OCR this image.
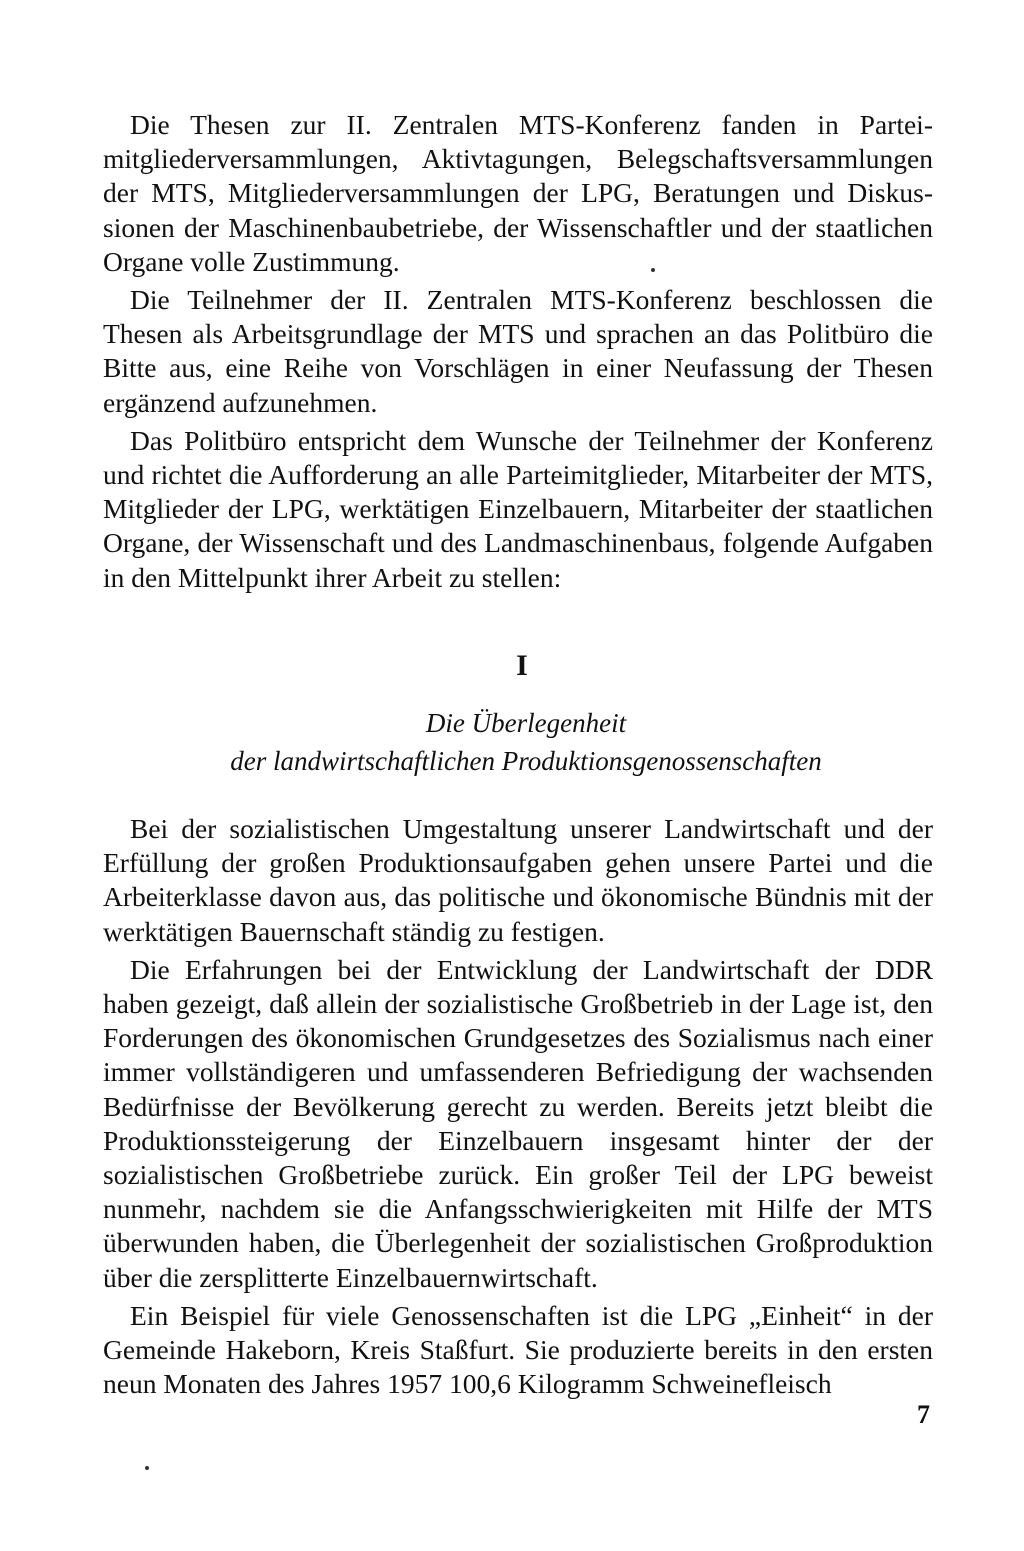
Die Thesen zur II. Zentralen MTS-Konferenz fanden in Parteimitgliederversammlungen, Aktivtagungen, Belegschaftsversammlungen der MTS, Mitgliederversammlungen der LPG, Beratungen und Diskussionen der Maschinenbaubetriebe, der Wissenschaftler und der staatlichen Organe volle Zustimmung.

Die Teilnehmer der II. Zentralen MTS-Konferenz beschlossen die Thesen als Arbeitsgrundlage der MTS und sprachen an das Politbüro die Bitte aus, eine Reihe von Vorschlägen in einer Neufassung der Thesen ergänzend aufzunehmen.

Das Politbüro entspricht dem Wunsche der Teilnehmer der Konferenz und richtet die Aufforderung an alle Parteimitglieder, Mitarbeiter der MTS, Mitglieder der LPG, werktätigen Einzelbauern, Mitarbeiter der staatlichen Organe, der Wissenschaft und des Landmaschinenbaus, folgende Aufgaben in den Mittelpunkt ihrer Arbeit zu stellen:

I
Die Überlegenheit
der landwirtschaftlichen Produktionsgenossenschaften

Bei der sozialistischen Umgestaltung unserer Landwirtschaft und der Erfüllung der großen Produktionsaufgaben gehen unsere Partei und die Arbeiterklasse davon aus, das politische und ökonomische Bündnis mit der werktätigen Bauernschaft ständig zu festigen.

Die Erfahrungen bei der Entwicklung der Landwirtschaft der DDR haben gezeigt, daß allein der sozialistische Großbetrieb in der Lage ist, den Forderungen des ökonomischen Grundgesetzes des Sozialismus nach einer immer vollständigeren und umfassenderen Befriedigung der wachsenden Bedürfnisse der Bevölkerung gerecht zu werden. Bereits jetzt bleibt die Produktionssteigerung der Einzelbauern insgesamt hinter der der sozialistischen Großbetriebe zurück. Ein großer Teil der LPG beweist nunmehr, nachdem sie die Anfangsschwierigkeiten mit Hilfe der MTS überwunden haben, die Überlegenheit der sozialistischen Großproduktion über die zersplitterte Einzelbauernwirtschaft.

Ein Beispiel für viele Genossenschaften ist die LPG „Einheit“ in der Gemeinde Hakeborn, Kreis Staßfurt. Sie produzierte bereits in den ersten neun Monaten des Jahres 1957 100,6 Kilogramm Schweinefleisch

7
